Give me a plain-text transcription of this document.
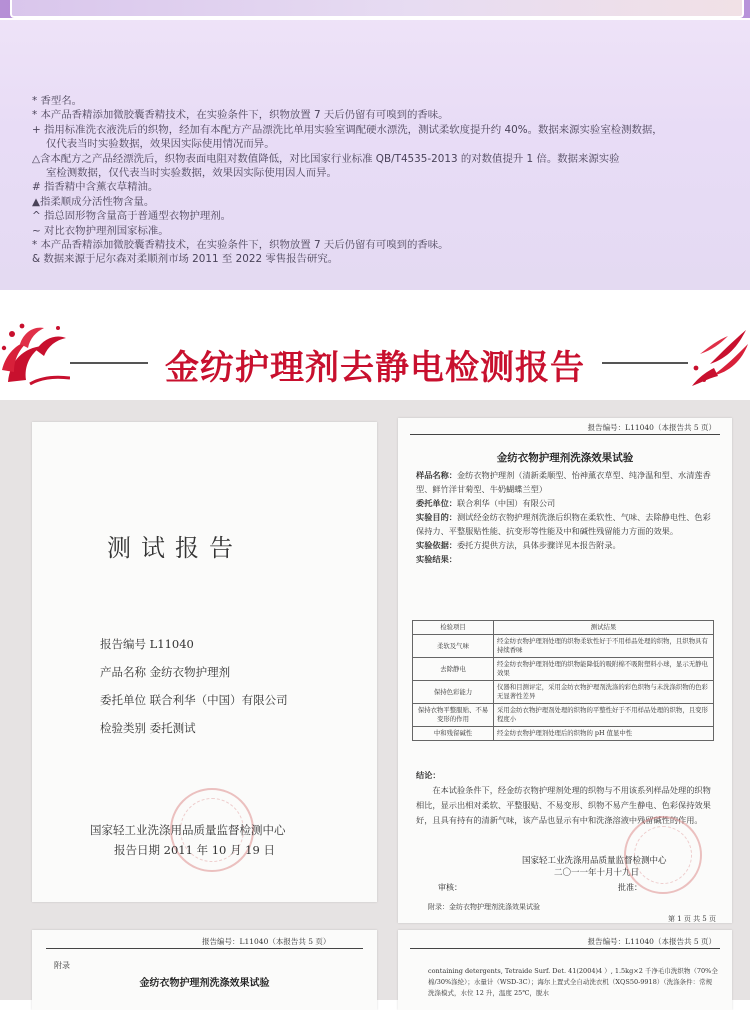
* 香型名。
* 本产品香精添加微胶囊香精技术，在实验条件下，织物放置 7 天后仍留有可嗅到的香味。
+ 指用标准洗衣液洗后的织物，经加有本配方产品漂洗比单用实验室调配硬水漂洗，测试柔软度提升约 40%。数据来源实验室检测数据，
仅代表当时实验数据，效果因实际使用情况而异。
△含本配方之产品经漂洗后，织物表面电阻对数值降低，对比国家行业标准 QB/T4535-2013 的对数值提升 1 倍。数据来源实验
室检测数据，仅代表当时实验数据，效果因实际使用因人而异。
# 指香精中含薰衣草精油。
▲指柔顺成分活性物含量。
^ 指总固形物含量高于普通型衣物护理剂。
~ 对比衣物护理剂国家标准。
* 本产品香精添加微胶囊香精技术，在实验条件下，织物放置 7 天后仍留有可嗅到的香味。
& 数据来源于尼尔森对柔顺剂市场 2011 至 2022 零售报告研究。
金纺护理剂去静电检测报告
测试报告
报告编号 L11040
产品名称 金纺衣物护理剂
委托单位 联合利华（中国）有限公司
检验类别 委托测试
国家轻工业洗涤用品质量监督检测中心
报告日期 2011 年 10 月 19 日
报告编号：L11040（本报告共 5 页）
金纺衣物护理剂洗涤效果试验
样品名称：金纺衣物护理剂（清新柔顺型、怡神薰衣草型、纯净温和型、水清莲香型、鲜竹洋甘菊型、牛奶蝴蝶兰型）
委托单位：联合利华（中国）有限公司
实验目的：测试经金纺衣物护理剂洗涤后织物在柔软性、气味、去除静电性、色彩保持力、平整服贴性能、抗变形等性能及中和碱性残留能力方面的效果。
实验依据：委托方提供方法，具体步骤详见本报告附录。
实验结果：
检验项目	测试结果
柔软及气味	经金纺衣物护理剂处理的织物柔软性好于不用样品处理的织物，且织物具有持续香味
去除静电	经金纺衣物护理剂处理的织物能降低的吸附棉不吸附塑料小球，显示无静电效果
保持色彩能力	仪器和目测评定，采用金纺衣物护理剂洗涤的彩色织物与未洗涤织物的色彩无显著性差异
保持衣物平整服贴、不易变形的作用	采用金纺衣物护理剂处理的织物的平整性好于不用样品处理的织物，且变形程度小
中和残留碱性	经金纺衣物护理剂处理后的织物的 pH 值显中性
结论：
在本试验条件下，经金纺衣物护理剂处理的织物与不用该系列样品处理的织物相比，显示出相对柔软、平整服贴、不易变形、织物不易产生静电、色彩保持效果好，且具有持有的清新气味，该产品也显示有中和洗涤溶液中残留碱性的作用。
国家轻工业洗涤用品质量监督检测中心
二〇一一年十月十九日
审核：	批准：
附录：金纺衣物护理剂洗涤效果试验
第 1 页 共 5 页
报告编号：L11040（本报告共 5 页）
附录
金纺衣物护理剂洗涤效果试验
报告编号：L11040（本报告共 5 页）
containing detergents, Tetraide Surf. Det. 41(2004)4 ）, 1.5kg×2 千净毛巾洗织物（70%全棉/30%涤纶）；水量计（WSD-3C）；海尔上置式全自动洗衣机（XQS50-9918）（洗涤条件：常规洗涤模式，水位 12 升，温度 25℃，脱水
